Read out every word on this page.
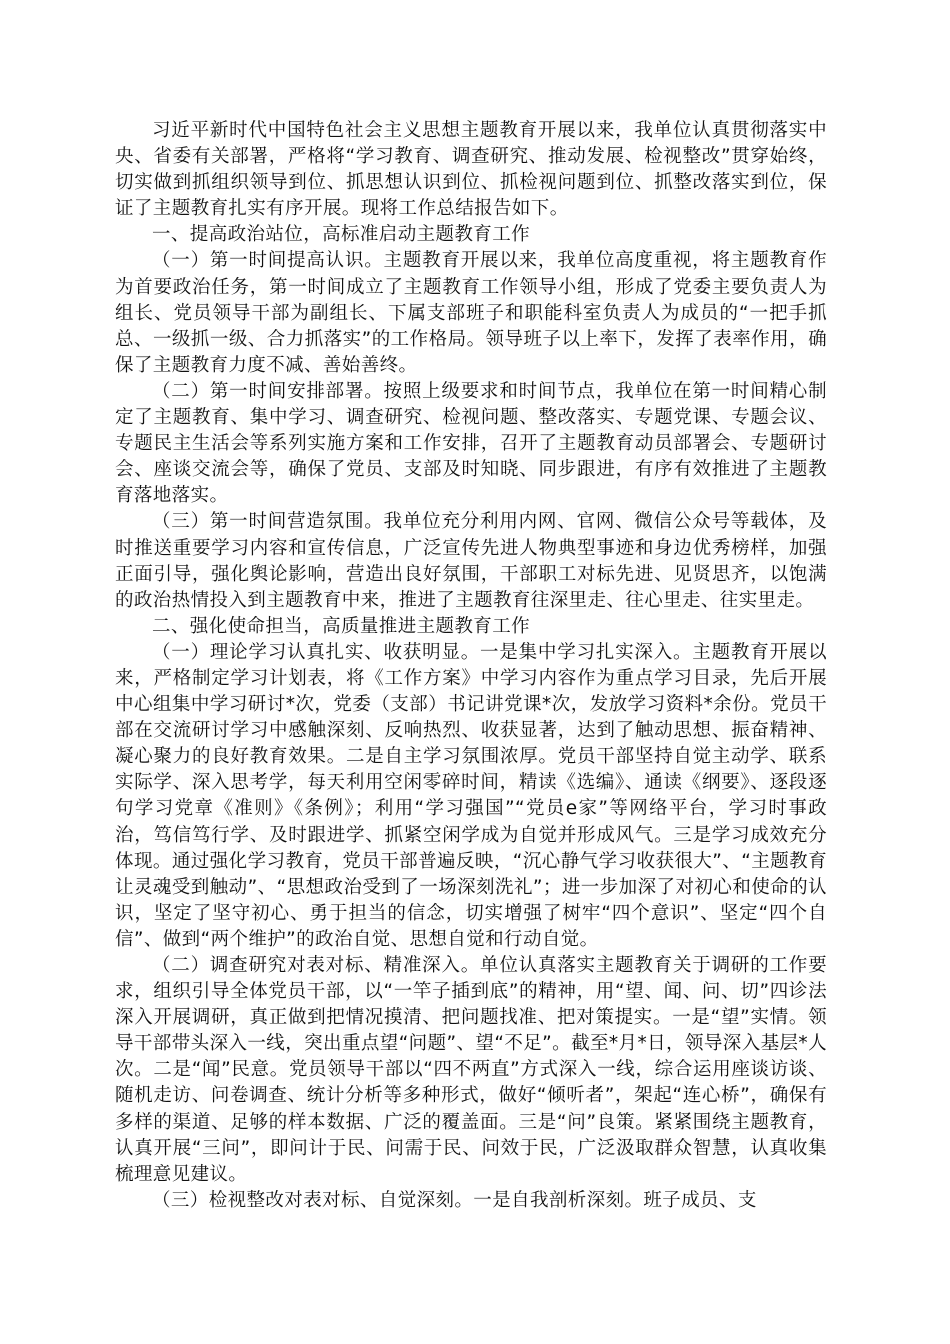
习近平新时代中国特色社会主义思想主题教育开展以来，我单位认真贯彻落实中央、省委有关部署，严格将“学习教育、调查研究、推动发展、检视整改”贯穿始终，切实做到抓组织领导到位、抓思想认识到位、抓检视问题到位、抓整改落实到位，保证了主题教育扎实有序开展。现将工作总结报告如下。

一、提高政治站位，高标准启动主题教育工作

（一）第一时间提高认识。主题教育开展以来，我单位高度重视，将主题教育作为首要政治任务，第一时间成立了主题教育工作领导小组，形成了党委主要负责人为组长、党员领导干部为副组长、下属支部班子和职能科室负责人为成员的“一把手抓总、一级抓一级、合力抓落实”的工作格局。领导班子以上率下，发挥了表率作用，确保了主题教育力度不减、善始善终。

（二）第一时间安排部署。按照上级要求和时间节点，我单位在第一时间精心制定了主题教育、集中学习、调查研究、检视问题、整改落实、专题党课、专题会议、专题民主生活会等系列实施方案和工作安排，召开了主题教育动员部署会、专题研讨会、座谈交流会等，确保了党员、支部及时知晓、同步跟进，有序有效推进了主题教育落地落实。

（三）第一时间营造氛围。我单位充分利用内网、官网、微信公众号等载体，及时推送重要学习内容和宣传信息，广泛宣传先进人物典型事迹和身边优秀榜样，加强正面引导，强化舆论影响，营造出良好氛围，干部职工对标先进、见贤思齐，以饱满的政治热情投入到主题教育中来，推进了主题教育往深里走、往心里走、往实里走。

二、强化使命担当，高质量推进主题教育工作

（一）理论学习认真扎实、收获明显。一是集中学习扎实深入。主题教育开展以来，严格制定学习计划表，将《工作方案》中学习内容作为重点学习目录，先后开展中心组集中学习研讨*次，党委（支部）书记讲党课*次，发放学习资料*余份。党员干部在交流研讨学习中感触深刻、反响热烈、收获显著，达到了触动思想、振奋精神、凝心聚力的良好教育效果。二是自主学习氛围浓厚。党员干部坚持自觉主动学、联系实际学、深入思考学，每天利用空闲零碎时间，精读《选编》、通读《纲要》、逐段逐句学习党章《准则》《条例》；利用“学习强国”“党员e家”等网络平台，学习时事政治，笃信笃行学、及时跟进学、抓紧空闲学成为自觉并形成风气。三是学习成效充分体现。通过强化学习教育，党员干部普遍反映，“沉心静气学习收获很大”、“主题教育让灵魂受到触动”、“思想政治受到了一场深刻洗礼”；进一步加深了对初心和使命的认识，坚定了坚守初心、勇于担当的信念，切实增强了树牢“四个意识”、坚定“四个自信”、做到“两个维护”的政治自觉、思想自觉和行动自觉。

（二）调查研究对表对标、精准深入。单位认真落实主题教育关于调研的工作要求，组织引导全体党员干部，以“一竿子插到底”的精神，用“望、闻、问、切”四诊法深入开展调研，真正做到把情况摸清、把问题找准、把对策提实。一是“望”实情。领导干部带头深入一线，突出重点望“问题”、望“不足”。截至*月*日，领导深入基层*人次。二是“闻”民意。党员领导干部以“四不两直”方式深入一线，综合运用座谈访谈、随机走访、问卷调查、统计分析等多种形式，做好“倾听者”，架起“连心桥”，确保有多样的渠道、足够的样本数据、广泛的覆盖面。三是“问”良策。紧紧围绕主题教育，认真开展“三问”，即问计于民、问需于民、问效于民，广泛汲取群众智慧，认真收集梳理意见建议。

（三）检视整改对表对标、自觉深刻。一是自我剖析深刻。班子成员、支
